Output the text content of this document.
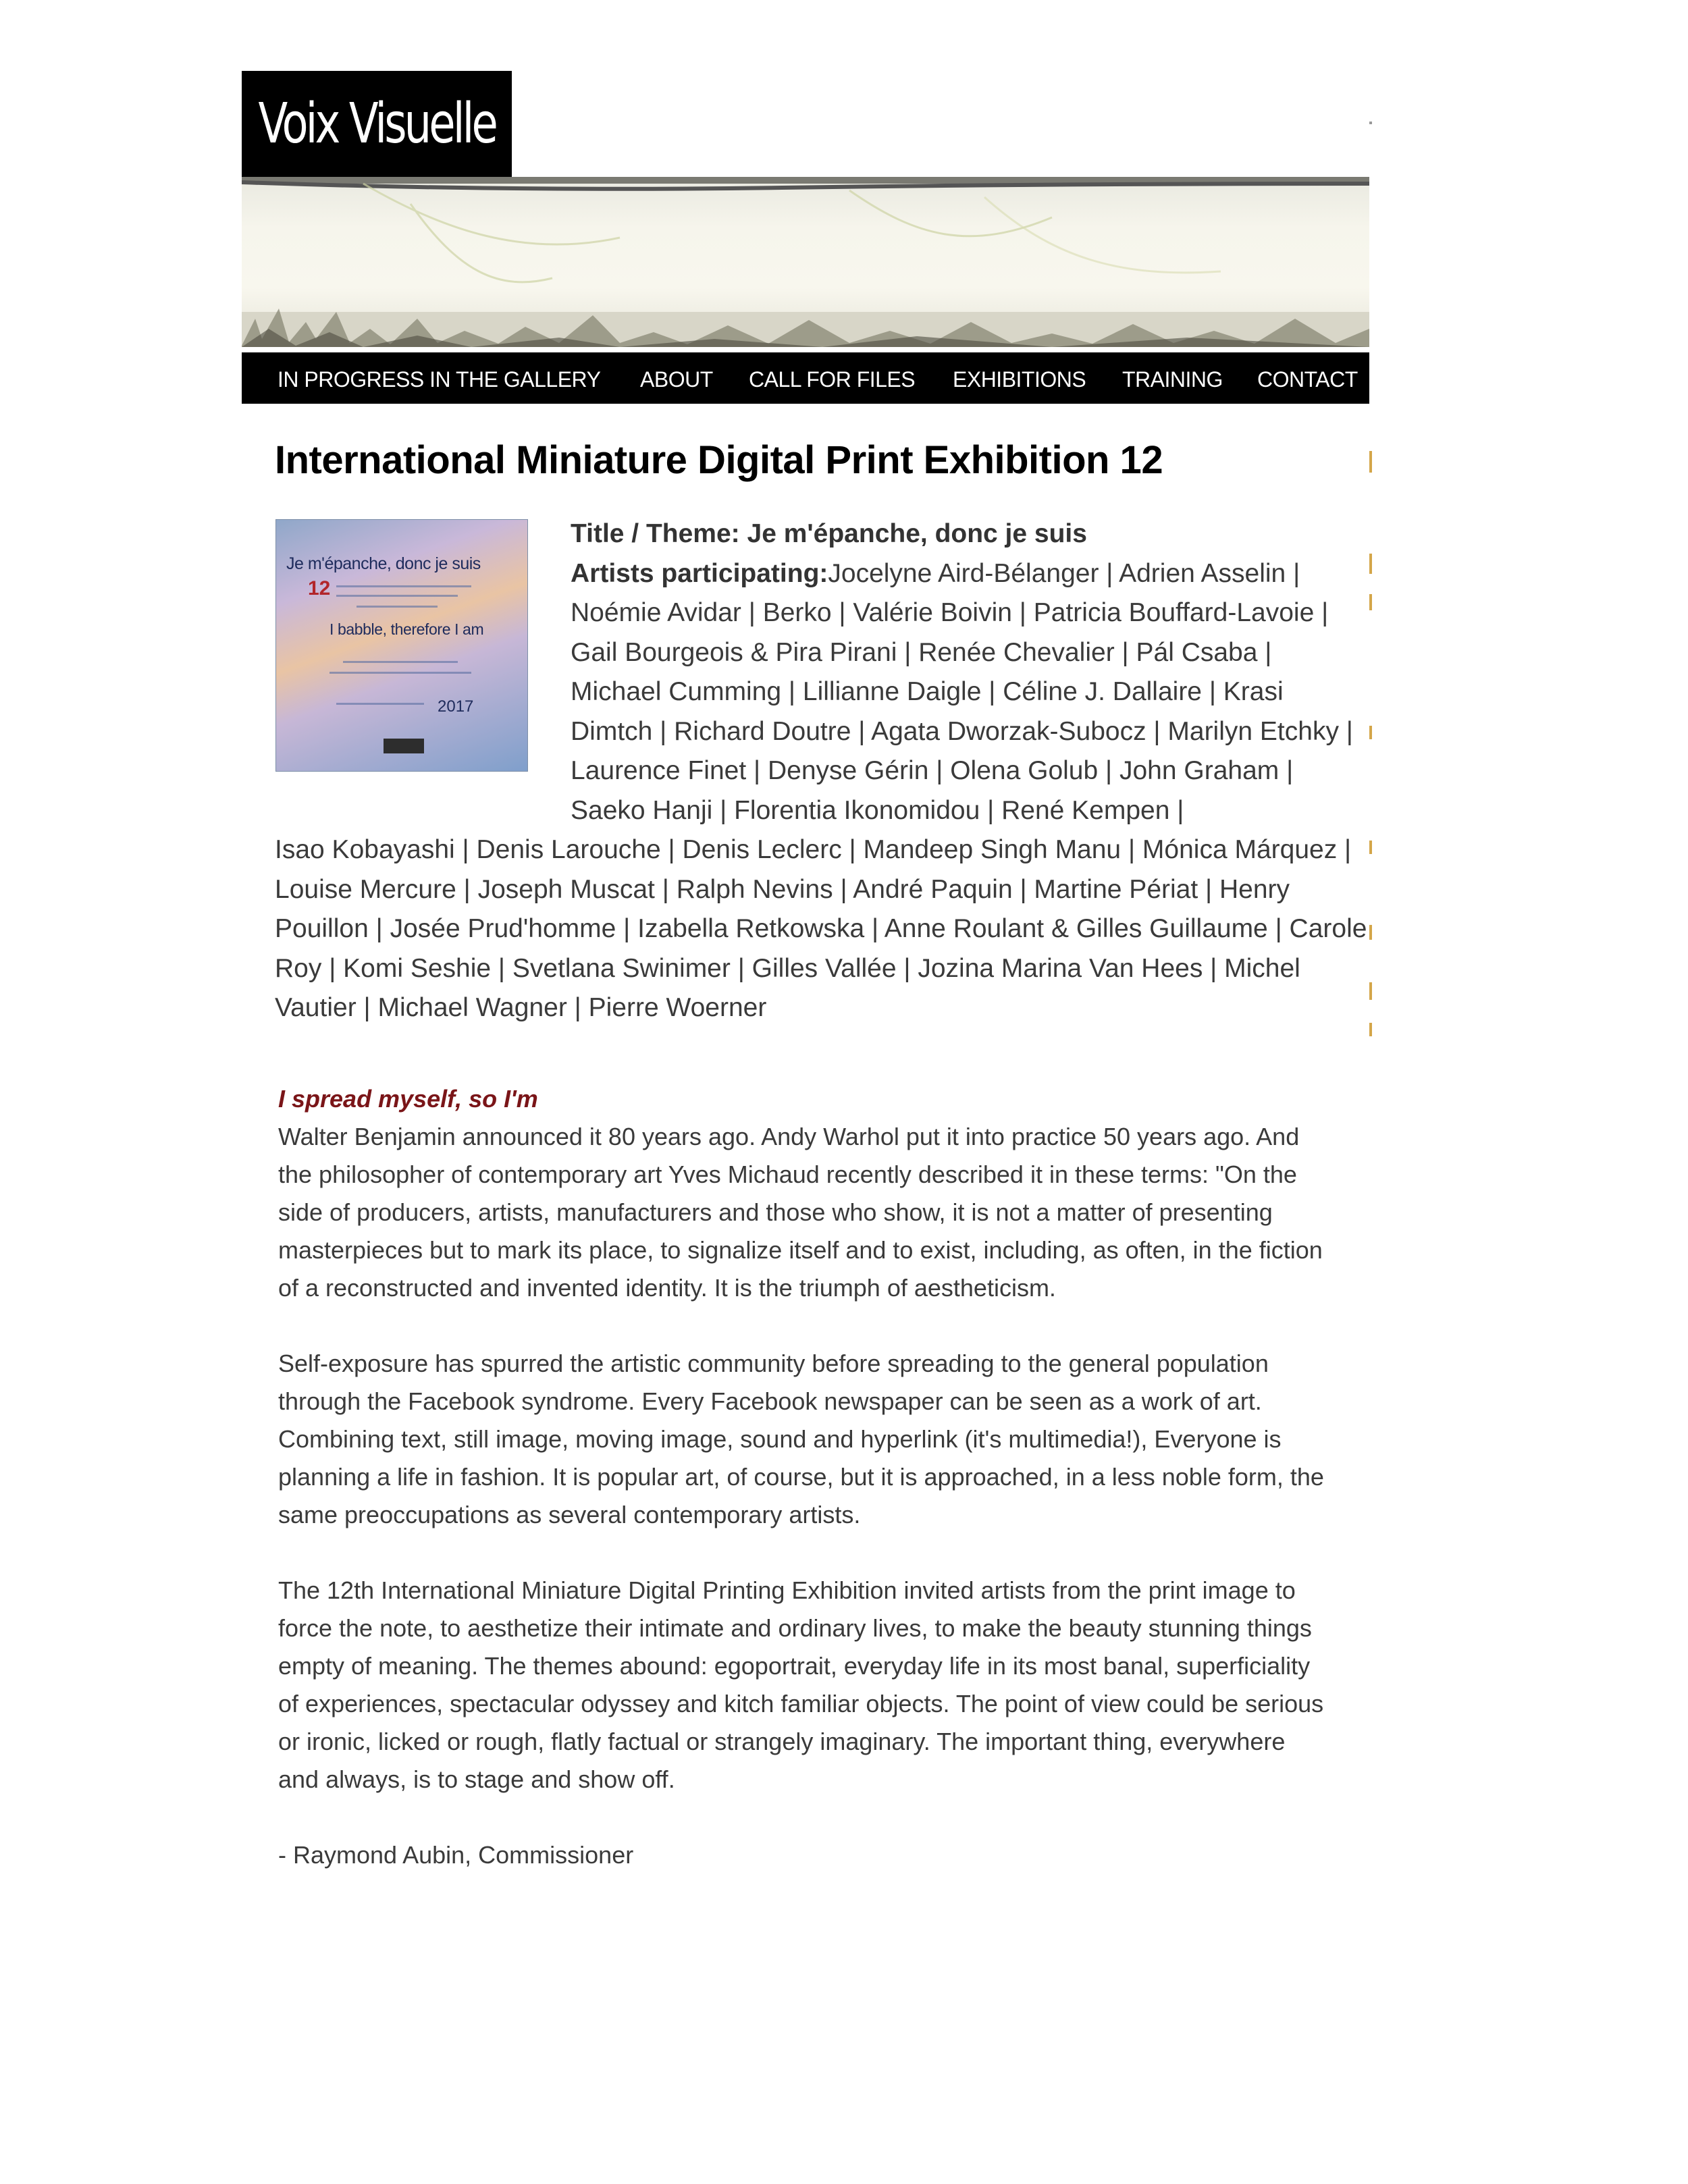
Voix Visuelle
IN PROGRESS IN THE GALLERY ABOUT CALL FOR FILES EXHIBITIONS TRAINING CONTACT
International Miniature Digital Print Exhibition 12
Je m'épanche, donc je suis
12
I babble, therefore I am
2017
Title / Theme: Je m'épanche, donc je suis
Artists participating:Jocelyne Aird-Bélanger | Adrien Asselin | Noémie Avidar | Berko | Valérie Boivin | Patricia Bouffard-Lavoie | Gail Bourgeois & Pira Pirani | Renée Chevalier | Pál Csaba | Michael Cumming | Lillianne Daigle | Céline J. Dallaire | Krasi Dimtch | Richard Doutre | Agata Dworzak-Subocz | Marilyn Etchky | Laurence Finet | Denyse Gérin | Olena Golub | John Graham | Saeko Hanji | Florentia Ikonomidou | René Kempen |
Isao Kobayashi | Denis Larouche | Denis Leclerc | Mandeep Singh Manu | Mónica Márquez | Louise Mercure | Joseph Muscat | Ralph Nevins | André Paquin | Martine Périat | Henry Pouillon | Josée Prud'homme | Izabella Retkowska | Anne Roulant & Gilles Guillaume | Carole Roy | Komi Seshie | Svetlana Swinimer | Gilles Vallée | Jozina Marina Van Hees | Michel Vautier | Michael Wagner | Pierre Woerner

I spread myself, so I'm

Walter Benjamin announced it 80 years ago. Andy Warhol put it into practice 50 years ago. And the philosopher of contemporary art Yves Michaud recently described it in these terms: "On the side of producers, artists, manufacturers and those who show, it is not a matter of presenting masterpieces but to mark its place, to signalize itself and to exist, including, as often, in the fiction of a reconstructed and invented identity. It is the triumph of aestheticism.

Self-exposure has spurred the artistic community before spreading to the general population through the Facebook syndrome. Every Facebook newspaper can be seen as a work of art. Combining text, still image, moving image, sound and hyperlink (it's multimedia!), Everyone is planning a life in fashion. It is popular art, of course, but it is approached, in a less noble form, the same preoccupations as several contemporary artists.

The 12th International Miniature Digital Printing Exhibition invited artists from the print image to force the note, to aesthetize their intimate and ordinary lives, to make the beauty stunning things empty of meaning. The themes abound: egoportrait, everyday life in its most banal, superficiality of experiences, spectacular odyssey and kitch familiar objects. The point of view could be serious or ironic, licked or rough, flatly factual or strangely imaginary. The important thing, everywhere and always, is to stage and show off.

- Raymond Aubin, Commissioner
